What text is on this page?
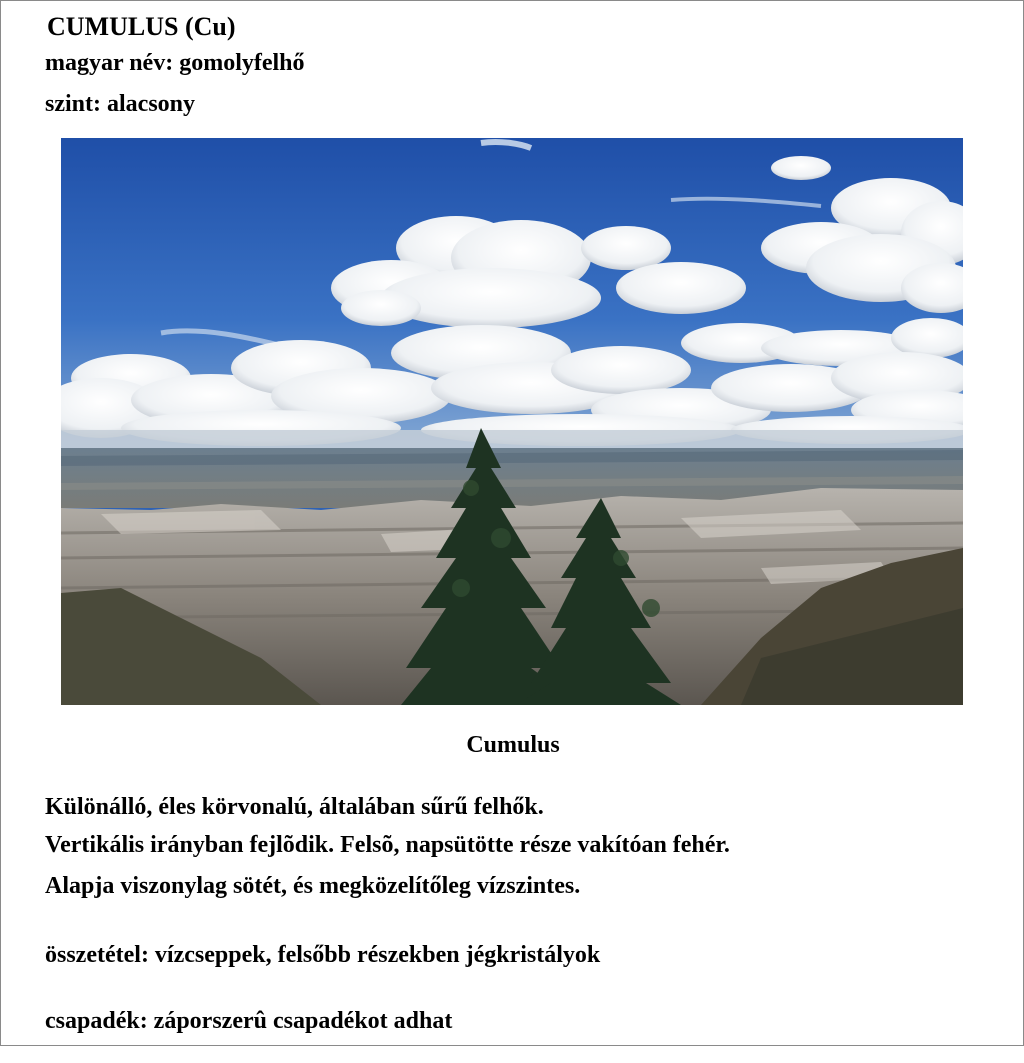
CUMULUS (Cu)
magyar név: gomolyfelhő
szint: alacsony
Cumulus
Különálló, éles körvonalú, általában sűrű felhők.
Vertikális irányban fejlõdik. Felsõ, napsütötte része vakítóan fehér.
Alapja viszonylag sötét, és megközelítőleg vízszintes.
összetétel: vízcseppek, felsőbb részekben jégkristályok
csapadék: záporszerû csapadékot adhat
